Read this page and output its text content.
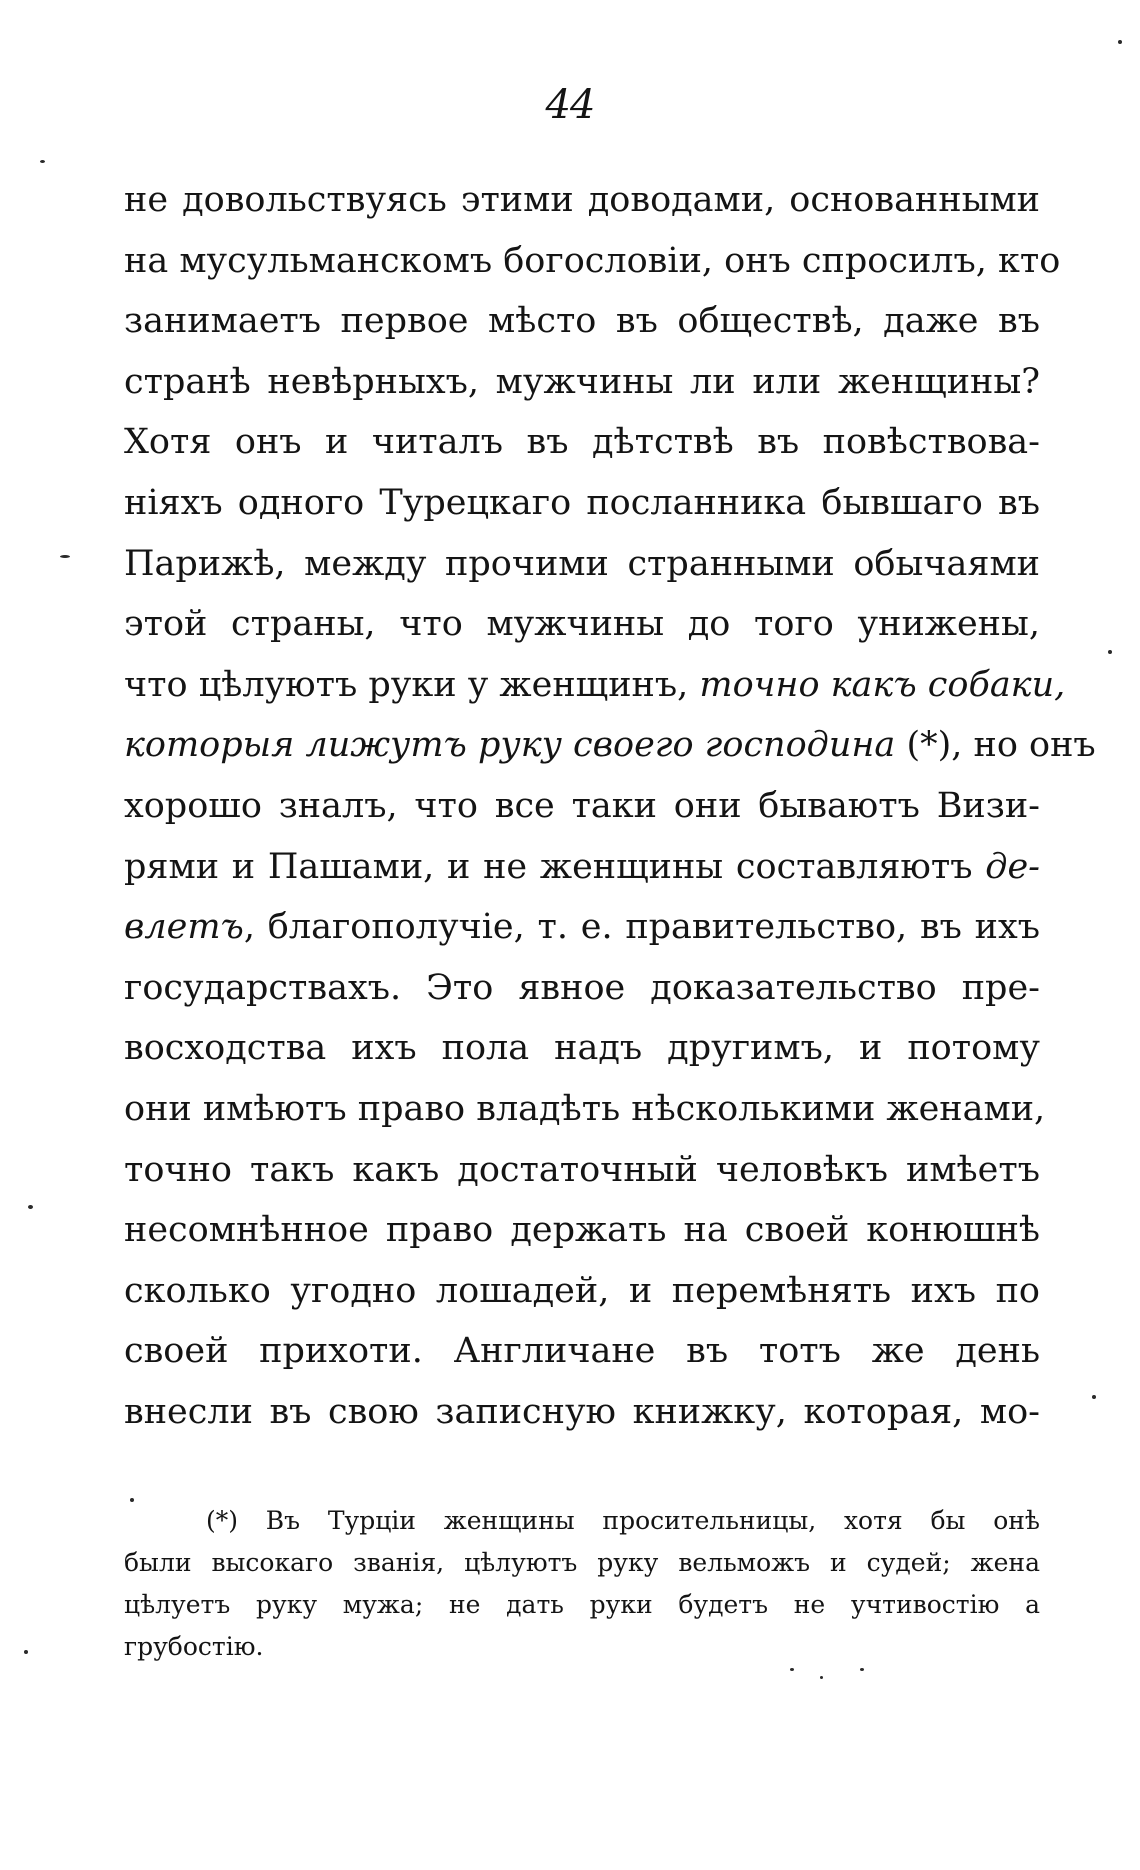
44
не довольствуясь этими доводами, основанными
на мусульманскомъ богословіи, онъ спросилъ, кто
занимаетъ первое мѣсто въ обществѣ, даже въ
странѣ невѣрныхъ, мужчины ли или женщины?
Хотя онъ и читалъ въ дѣтствѣ въ повѣствова-
ніяхъ одного Турецкаго посланника бывшаго въ
Парижѣ, между прочими странными обычаями
этой страны, что мужчины до того унижены,
что цѣлуютъ руки у женщинъ, точно какъ собаки,
которыя лижутъ руку своего господина (*), но онъ
хорошо зналъ, что все таки они бываютъ Визи-
рями и Пашами, и не женщины составляютъ де-
влетъ, благополучіе, т. е. правительство, въ ихъ
государствахъ. Это явное доказательство пре-
восходства ихъ пола надъ другимъ, и потому
они имѣютъ право владѣть нѣсколькими женами,
точно такъ какъ достаточный человѣкъ имѣетъ
несомнѣнное право держать на своей конюшнѣ
сколько угодно лошадей, и перемѣнять ихъ по
своей прихоти. Англичане въ тотъ же день
внесли въ свою записную книжку, которая, мо-
(*) Въ Турціи женщины просительницы, хотя бы онѣ
были высокаго званія, цѣлуютъ руку вельможъ и судей; жена
цѣлуетъ руку мужа; не дать руки будетъ не учтивостію а
грубостію.
